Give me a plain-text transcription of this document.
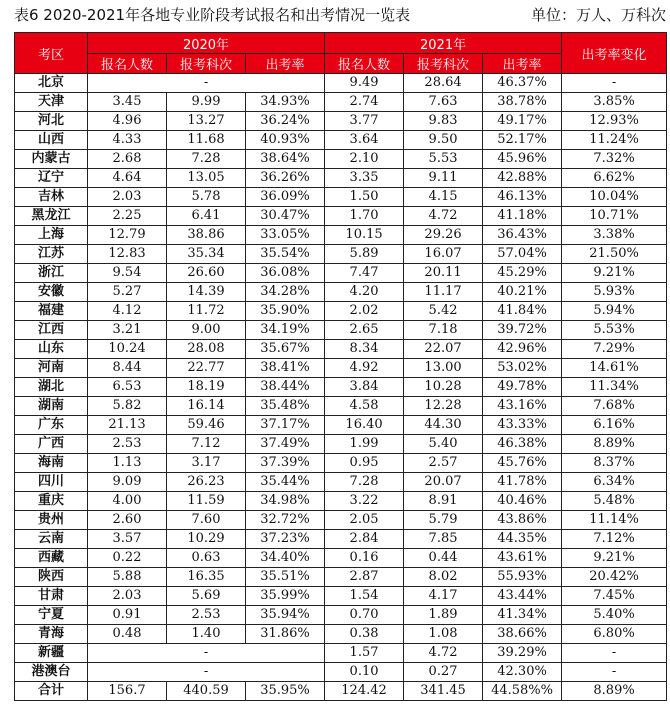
表6 2020-2021年各地专业阶段考试报名和出考情况一览表	单位：万人、万科次
考区	2020年			2021年			出考率变化
	报名人数	报考科次	出考率	报名人数	报考科次	出考率	
北京	-			9.49	28.64	46.37%	-
天津	3.45	9.99	34.93%	2.74	7.63	38.78%	3.85%
河北	4.96	13.27	36.24%	3.77	9.83	49.17%	12.93%
山西	4.33	11.68	40.93%	3.64	9.50	52.17%	11.24%
内蒙古	2.68	7.28	38.64%	2.10	5.53	45.96%	7.32%
辽宁	4.64	13.05	36.26%	3.35	9.11	42.88%	6.62%
吉林	2.03	5.78	36.09%	1.50	4.15	46.13%	10.04%
黑龙江	2.25	6.41	30.47%	1.70	4.72	41.18%	10.71%
上海	12.79	38.86	33.05%	10.15	29.26	36.43%	3.38%
江苏	12.83	35.34	35.54%	5.89	16.07	57.04%	21.50%
浙江	9.54	26.60	36.08%	7.47	20.11	45.29%	9.21%
安徽	5.27	14.39	34.28%	4.20	11.17	40.21%	5.93%
福建	4.12	11.72	35.90%	2.02	5.42	41.84%	5.94%
江西	3.21	9.00	34.19%	2.65	7.18	39.72%	5.53%
山东	10.24	28.08	35.67%	8.34	22.07	42.96%	7.29%
河南	8.44	22.77	38.41%	4.92	13.00	53.02%	14.61%
湖北	6.53	18.19	38.44%	3.84	10.28	49.78%	11.34%
湖南	5.82	16.14	35.48%	4.58	12.28	43.16%	7.68%
广东	21.13	59.46	37.17%	16.40	44.30	43.33%	6.16%
广西	2.53	7.12	37.49%	1.99	5.40	46.38%	8.89%
海南	1.13	3.17	37.39%	0.95	2.57	45.76%	8.37%
四川	9.09	26.23	35.44%	7.28	20.07	41.78%	6.34%
重庆	4.00	11.59	34.98%	3.22	8.91	40.46%	5.48%
贵州	2.60	7.60	32.72%	2.05	5.79	43.86%	11.14%
云南	3.57	10.29	37.23%	2.84	7.85	44.35%	7.12%
西藏	0.22	0.63	34.40%	0.16	0.44	43.61%	9.21%
陕西	5.88	16.35	35.51%	2.87	8.02	55.93%	20.42%
甘肃	2.03	5.69	35.99%	1.54	4.17	43.44%	7.45%
宁夏	0.91	2.53	35.94%	0.70	1.89	41.34%	5.40%
青海	0.48	1.40	31.86%	0.38	1.08	38.66%	6.80%
新疆	-			1.57	4.72	39.29%	-
港澳台	-			0.10	0.27	42.30%	-
合计	156.7	440.59	35.95%	124.42	341.45	44.58%%	8.89%
